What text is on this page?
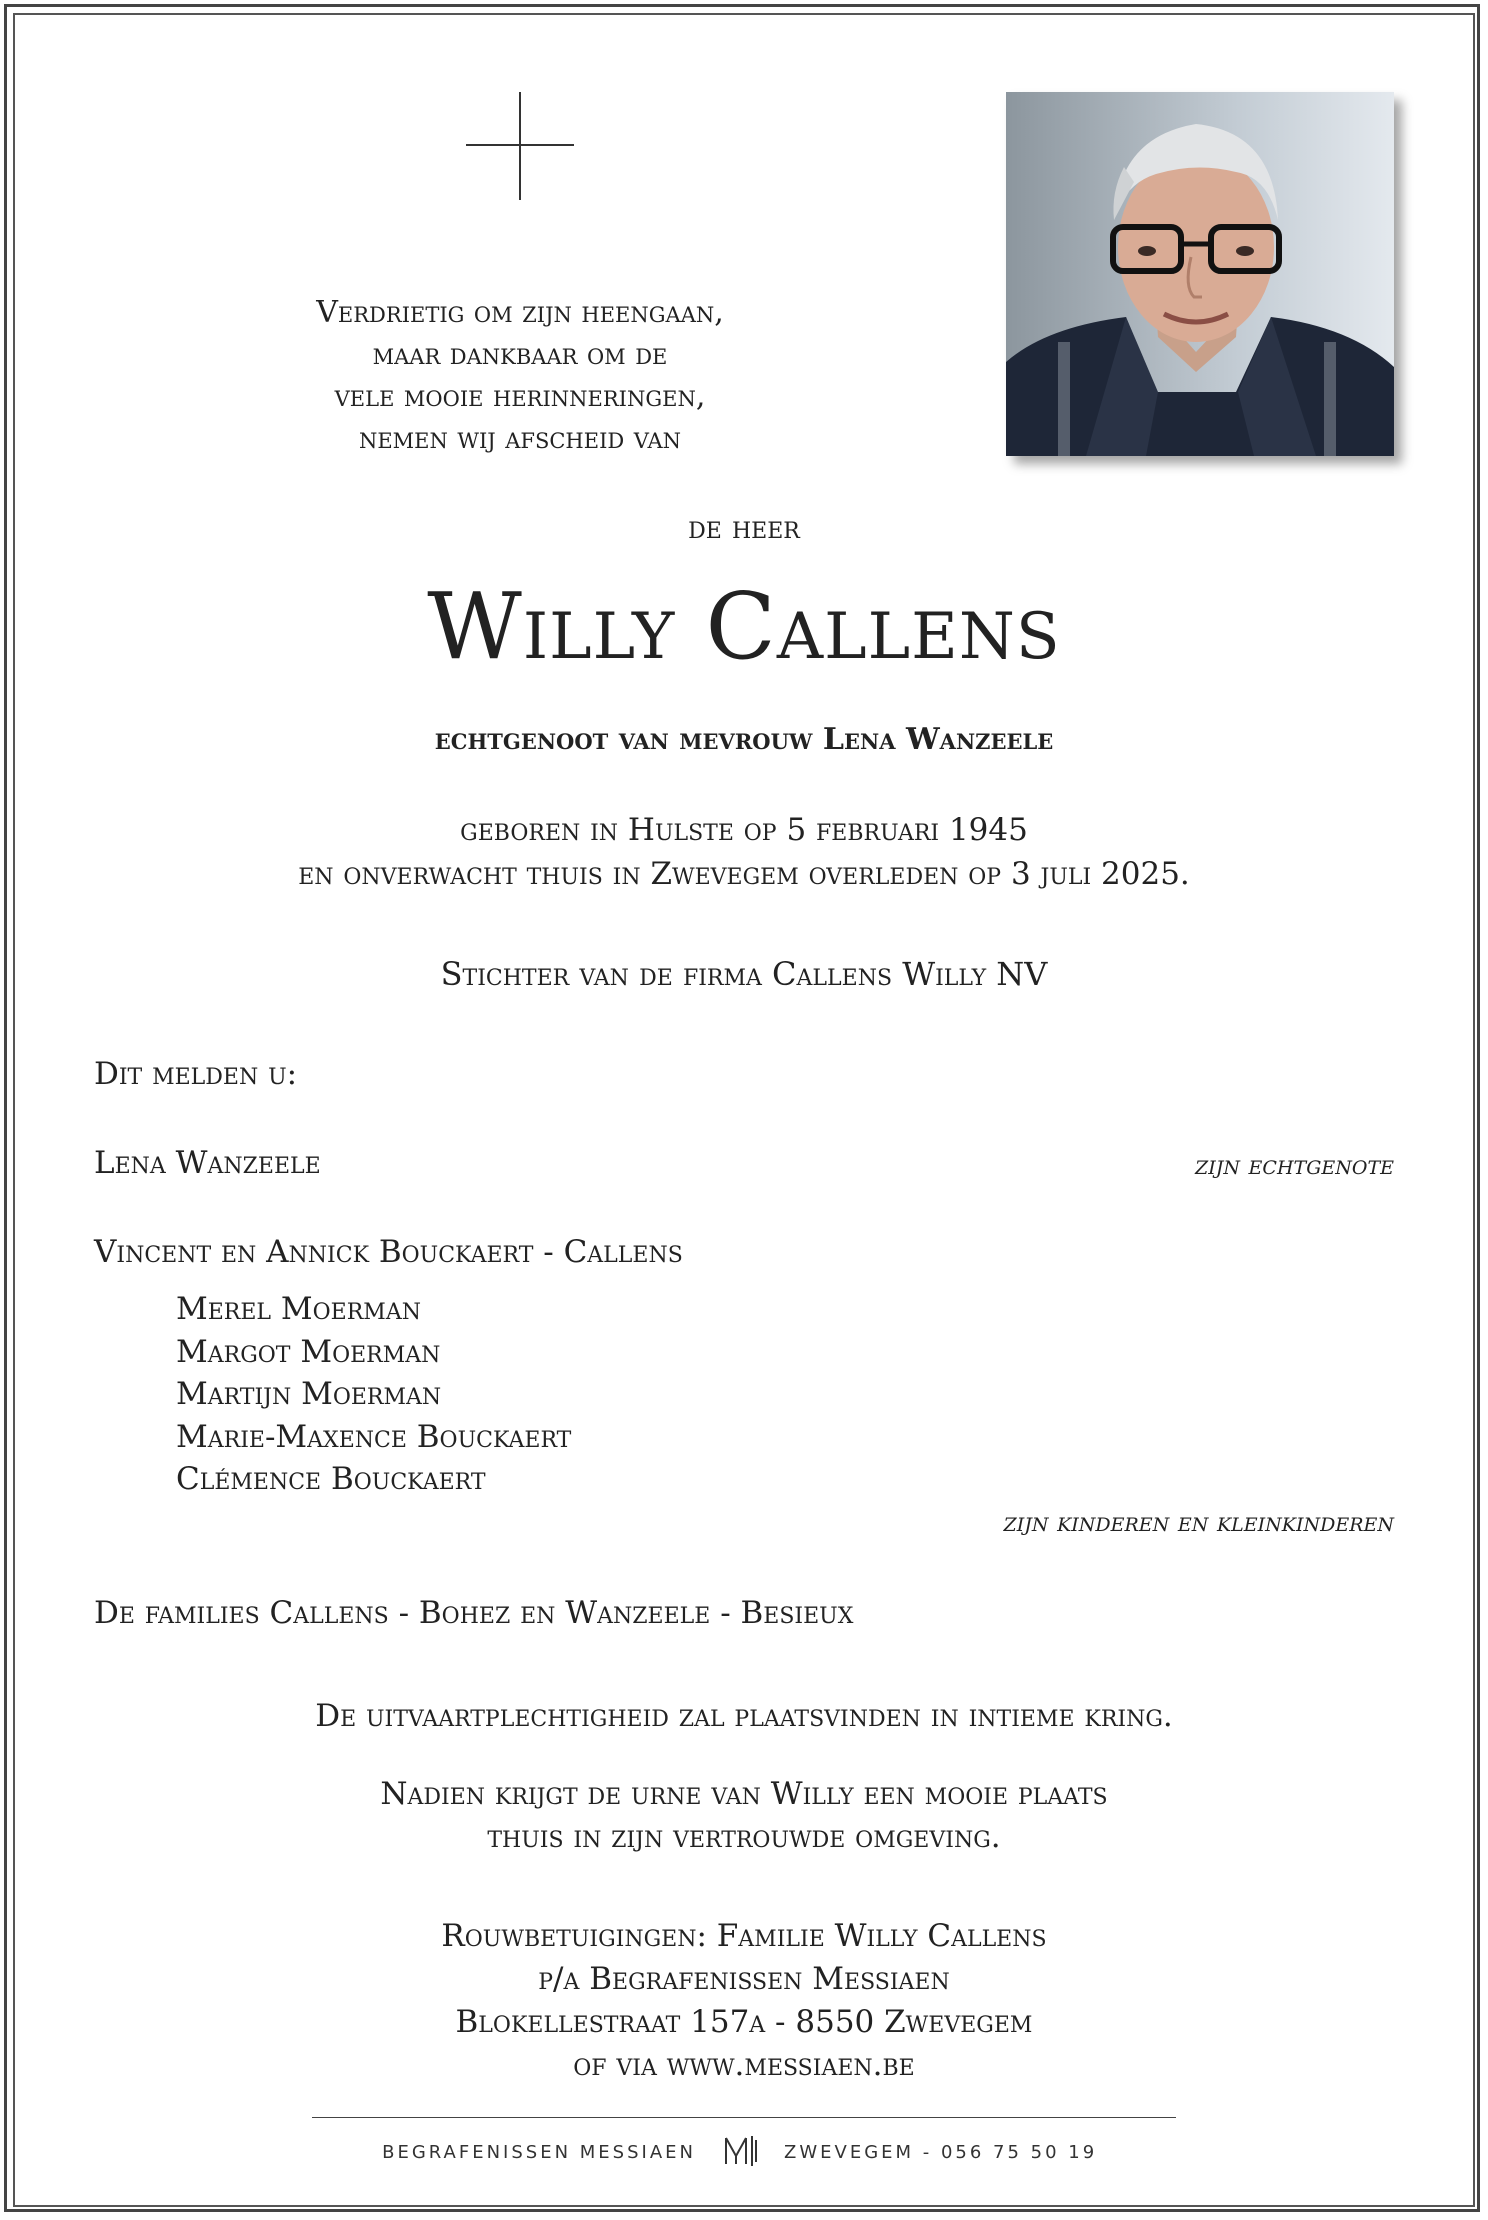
Verdrietig om zijn heengaan,
maar dankbaar om de
vele mooie herinneringen,
nemen wij afscheid van
de heer
Willy Callens
echtgenoot van mevrouw Lena Wanzeele
geboren in Hulste op 5 februari 1945
en onverwacht thuis in Zwevegem overleden op 3 juli 2025.
Stichter van de firma Callens Willy NV
Dit melden u:
Lena Wanzeele	zijn echtgenote
Vincent en Annick Bouckaert - Callens
Merel Moerman
Margot Moerman
Martijn Moerman
Marie-Maxence Bouckaert
Clémence Bouckaert
zijn kinderen en kleinkinderen
De families Callens - Bohez en Wanzeele - Besieux
De uitvaartplechtigheid zal plaatsvinden in intieme kring.
Nadien krijgt de urne van Willy een mooie plaats
thuis in zijn vertrouwde omgeving.
Rouwbetuigingen: Familie Willy Callens
p/a Begrafenissen Messiaen
Blokellestraat 157a - 8550 Zwevegem
of via www.messiaen.be
BEGRAFENISSEN MESSIAEN	ZWEVEGEM - 056 75 50 19
